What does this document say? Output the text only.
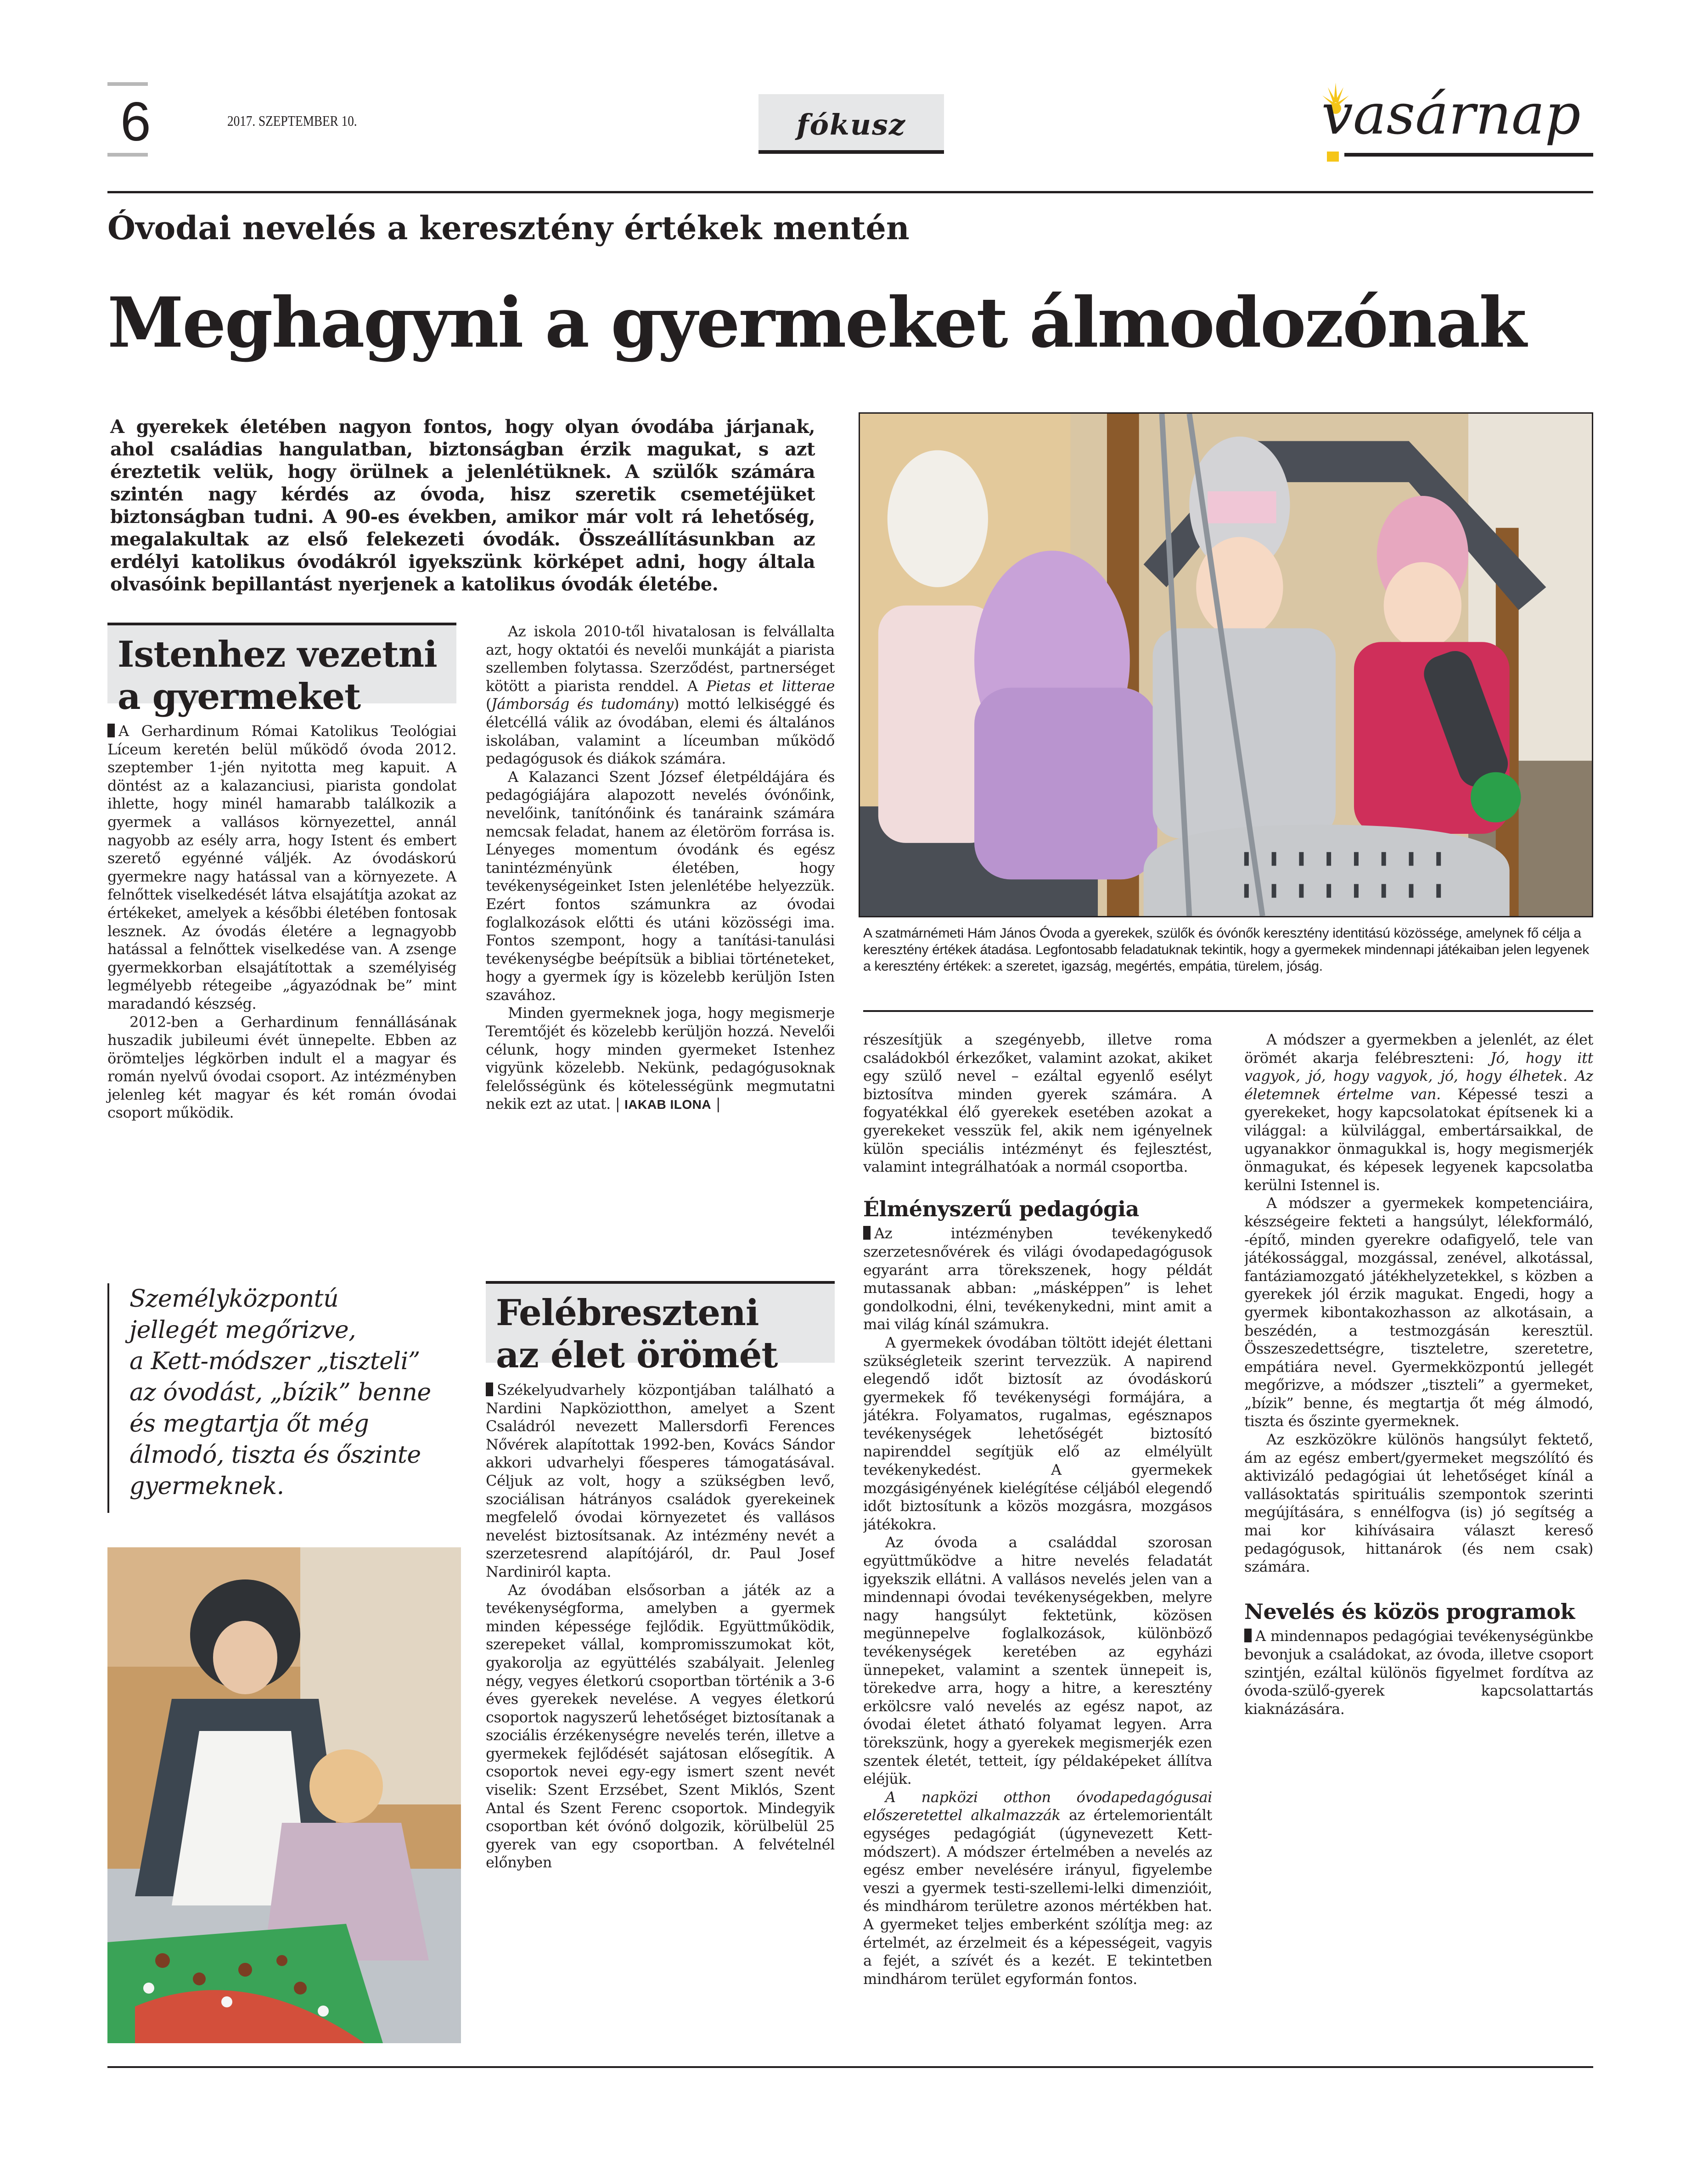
6	2017. SZEPTEMBER 10.	fókusz	vasárnap
Óvodai nevelés a keresztény értékek mentén
Meghagyni a gyermeket álmodozónak
A gyerekek életében nagyon fontos, hogy olyan óvodába járjanak, ahol családias hangulatban, biztonságban érzik magukat, s azt éreztetik velük, hogy örülnek a jelenlétüknek. A szülők számára szintén nagy kérdés az óvoda, hisz szeretik csemetéjüket biztonságban tudni. A 90-es években, amikor már volt rá lehetőség, megalakultak az első felekezeti óvodák. Összeállításunkban az erdélyi katolikus óvodákról igyekszünk körképet adni, hogy általa olvasóink bepillantást nyerjenek a katolikus óvodák életébe.
A szatmárnémeti Hám János Óvoda a gyerekek, szülők és óvónők keresztény identitású közössége, amelynek fő célja a keresztény értékek átadása. Legfontosabb feladatuknak tekintik, hogy a gyermekek mindennapi játékaiban jelen legyenek a keresztény értékek: a szeretet, igazság, megértés, empátia, türelem, jóság.
Istenhez vezetni
a gyermeket

A Gerhardinum Római Katolikus Teológiai Líceum keretén belül működő óvoda 2012. szeptember 1-jén nyitotta meg kapuit. A döntést az a kalazanciusi, piarista gondolat ihlette, hogy minél hamarabb találkozik a gyermek a vallásos környezettel, annál nagyobb az esély arra, hogy Istent és embert szerető egyénné váljék. Az óvodáskorú gyermekre nagy hatással van a környezete. A felnőttek viselkedését látva elsajátítja azokat az értékeket, amelyek a későbbi életében fontosak lesznek. Az óvodás életére a legnagyobb hatással a felnőttek viselkedése van. A zsenge gyermekkorban elsajátítottak a személyiség legmélyebb rétegeibe „ágyazódnak be” mint maradandó készség.

2012-ben a Gerhardinum fennállásának huszadik jubileumi évét ünnepelte. Ebben az örömteljes légkörben indult el a magyar és román nyelvű óvodai csoport. Az intézményben jelenleg két magyar és két román óvodai csoport működik.

Személyközpontú
jellegét megőrizve,
a Kett-módszer „tiszteli”
az óvodást, „bízik” benne
és megtartja őt még
álmodó, tiszta és őszinte
gyermeknek.

Az iskola 2010-től hivatalosan is felvállalta azt, hogy oktatói és nevelői munkáját a piarista szellemben folytassa. Szerződést, partnerséget kötött a piarista renddel. A Pietas et litterae (Jámborság és tudomány) mottó lelkiséggé és életcéllá válik az óvodában, elemi és általános iskolában, valamint a líceumban működő pedagógusok és diákok számára.

A Kalazanci Szent József életpéldájára és pedagógiájára alapozott nevelés óvónőink, nevelőink, tanítónőink és tanáraink számára nemcsak feladat, hanem az életöröm forrása is. Lényeges momentum óvodánk és egész tanintézményünk életében, hogy tevékenységeinket Isten jelenlétébe helyezzük. Ezért fontos számunkra az óvodai foglalkozások előtti és utáni közösségi ima. Fontos szempont, hogy a tanítási-tanulási tevékenységbe beépítsük a bibliai történeteket, hogy a gyermek így is közelebb kerüljön Isten szavához.

Minden gyermeknek joga, hogy megismerje Teremtőjét és közelebb kerüljön hozzá. Nevelői célunk, hogy minden gyermeket Istenhez vigyünk közelebb. Nekünk, pedagógusoknak felelősségünk és kötelességünk megmutatni nekik ezt az utat. | IAKAB ILONA |

Felébreszteni
az élet örömét

Székelyudvarhely központjában található a Nardini Napköziotthon, amelyet a Szent Családról nevezett Mallersdorfi Ferences Nővérek alapítottak 1992-ben, Kovács Sándor akkori udvarhelyi főesperes támogatásával. Céljuk az volt, hogy a szükségben levő, szociálisan hátrányos családok gyerekeinek megfelelő óvodai környezetet és vallásos nevelést biztosítsanak. Az intézmény nevét a szerzetesrend alapítójáról, dr. Paul Josef Nardiniról kapta.

Az óvodában elsősorban a játék az a tevékenységforma, amelyben a gyermek minden képessége fejlődik. Együttműködik, szerepeket vállal, kompromisszumokat köt, gyakorolja az együttélés szabályait. Jelenleg négy, vegyes életkorú csoportban történik a 3-6 éves gyerekek nevelése. A vegyes életkorú csoportok nagyszerű lehetőséget biztosítanak a szociális érzékenységre nevelés terén, illetve a gyermekek fejlődését sajátosan elősegítik. A csoportok nevei egy-egy ismert szent nevét viselik: Szent Erzsébet, Szent Miklós, Szent Antal és Szent Ferenc csoportok. Mindegyik csoportban két óvónő dolgozik, körülbelül 25 gyerek van egy csoportban. A felvételnél előnyben

részesítjük a szegényebb, illetve roma családokból érkezőket, valamint azokat, akiket egy szülő nevel – ezáltal egyenlő esélyt biztosítva minden gyerek számára. A fogyatékkal élő gyerekek esetében azokat a gyerekeket vesszük fel, akik nem igényelnek külön speciális intézményt és fejlesztést, valamint integrálhatóak a normál csoportba.

Élményszerű pedagógia

Az intézményben tevékenykedő szerzetesnővérek és világi óvodapedagógusok egyaránt arra törekszenek, hogy példát mutassanak abban: „másképpen” is lehet gondolkodni, élni, tevékenykedni, mint amit a mai világ kínál számukra.

A gyermekek óvodában töltött idejét élettani szükségleteik szerint tervezzük. A napirend elegendő időt biztosít az óvodáskorú gyermekek fő tevékenységi formájára, a játékra. Folyamatos, rugalmas, egésznapos tevékenységek lehetőségét biztosító napirenddel segítjük elő az elmélyült tevékenykedést. A gyermekek mozgásigényének kielégítése céljából elegendő időt biztosítunk a közös mozgásra, mozgásos játékokra.

Az óvoda a családdal szorosan együttműködve a hitre nevelés feladatát igyekszik ellátni. A vallásos nevelés jelen van a mindennapi óvodai tevékenységekben, melyre nagy hangsúlyt fektetünk, közösen megünnepelve foglalkozások, különböző tevékenységek keretében az egyházi ünnepeket, valamint a szentek ünnepeit is, törekedve arra, hogy a hitre, a keresztény erkölcsre való nevelés az egész napot, az óvodai életet átható folyamat legyen. Arra törekszünk, hogy a gyerekek megismerjék ezen szentek életét, tetteit, így példaképeket állítva eléjük.

A napközi otthon óvodapedagógusai előszeretettel alkalmazzák az értelemorientált egységes pedagógiát (úgynevezett Kett-módszert). A módszer értelmében a nevelés az egész ember nevelésére irányul, figyelembe veszi a gyermek testi-szellemi-lelki dimenzióit, és mindhárom területre azonos mértékben hat. A gyermeket teljes emberként szólítja meg: az értelmét, az érzelmeit és a képességeit, vagyis a fejét, a szívét és a kezét. E tekintetben mindhárom terület egyformán fontos.

A módszer a gyermekben a jelenlét, az élet örömét akarja felébreszteni: Jó, hogy itt vagyok, jó, hogy vagyok, jó, hogy élhetek. Az életemnek értelme van. Képessé teszi a gyerekeket, hogy kapcsolatokat építsenek ki a világgal: a külvilággal, embertársaikkal, de ugyanakkor önmagukkal is, hogy megismerjék önmagukat, és képesek legyenek kapcsolatba kerülni Istennel is.

A módszer a gyermekek kompetenciáira, készségeire fekteti a hangsúlyt, lélekformáló, -építő, minden gyerekre odafigyelő, tele van játékossággal, mozgással, zenével, alkotással, fantáziamozgató játékhelyzetekkel, s közben a gyerekek jól érzik magukat. Engedi, hogy a gyermek kibontakozhasson az alkotásain, a beszédén, a testmozgásán keresztül. Összeszedettségre, tiszteletre, szeretetre, empátiára nevel. Gyermekközpontú jellegét megőrizve, a módszer „tiszteli” a gyermeket, „bízik” benne, és megtartja őt még álmodó, tiszta és őszinte gyermeknek.

Az eszközökre különös hangsúlyt fektető, ám az egész embert/gyermeket megszólító és aktivizáló pedagógiai út lehetőséget kínál a vallásoktatás spirituális szempontok szerinti megújítására, s ennélfogva (is) jó segítség a mai kor kihívásaira választ kereső pedagógusok, hittanárok (és nem csak) számára.

Nevelés és közös programok

A mindennapos pedagógiai tevékenységünkbe bevonjuk a családokat, az óvoda, illetve csoport szintjén, ezáltal különös figyelmet fordítva az óvoda-szülő-gyerek kapcsolattartás kiaknázására.
